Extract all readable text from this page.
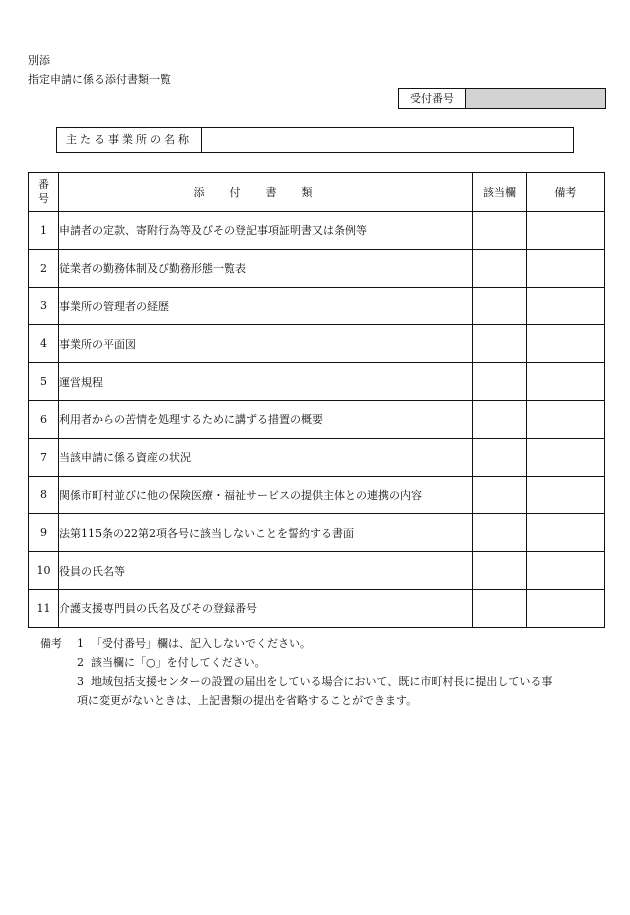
別添
指定申請に係る添付書類一覧
受付番号
主たる事業所の名称
番
号	添付書類	該当欄	備考
1	申請者の定款、寄附行為等及びその登記事項証明書又は条例等		
2	従業者の勤務体制及び勤務形態一覧表		
3	事業所の管理者の経歴		
4	事業所の平面図		
5	運営規程		
6	利用者からの苦情を処理するために講ずる措置の概要		
7	当該申請に係る資産の状況		
8	関係市町村並びに他の保険医療・福祉サービスの提供主体との連携の内容		
9	法第115条の22第2項各号に該当しないことを誓約する書面		
10	役員の氏名等		
11	介護支援専門員の氏名及びその登録番号		
備考	1 「受付番号」欄は、記入しないでください。
2 該当欄に「○」を付してください。
3 地域包括支援センターの設置の届出をしている場合において、既に市町村長に提出している事
項に変更がないときは、上記書類の提出を省略することができます。
